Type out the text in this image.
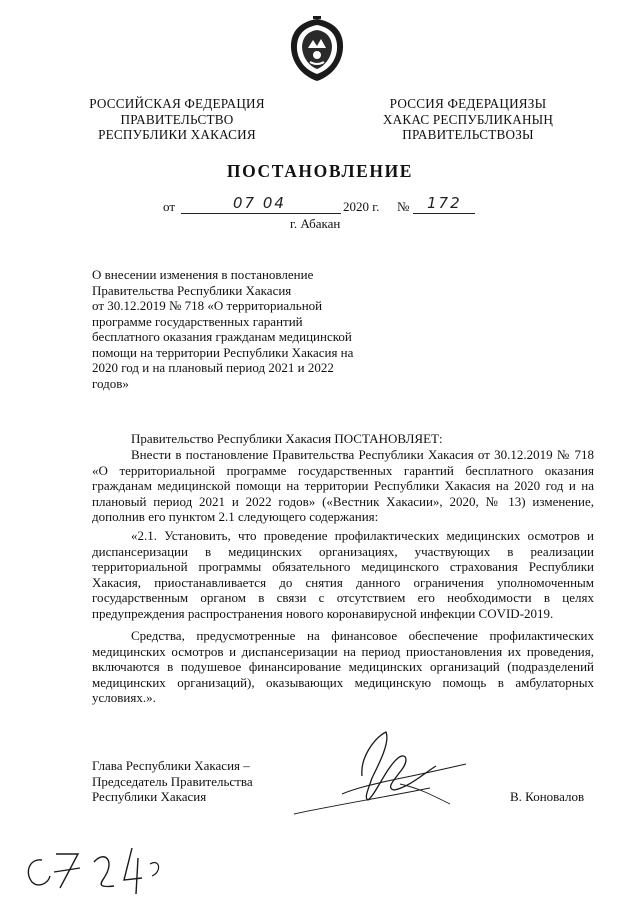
РОССИЙСКАЯ ФЕДЕРАЦИЯ
ПРАВИТЕЛЬСТВО
РЕСПУБЛИКИ ХАКАСИЯ
РОССИЯ ФЕДЕРАЦИЯЗЫ
ХАКАС РЕСПУБЛИКАНЫҢ
ПРАВИТЕЛЬСТВОЗЫ
ПОСТАНОВЛЕНИЕ
от	07 04	2020 г. № 172
г. Абакан
О внесении изменения в постановление
Правительства Республики Хакасия
от 30.12.2019 № 718 «О территориальной
программе государственных гарантий
бесплатного оказания гражданам медицинской
помощи на территории Республики Хакасия на
2020 год и на плановый период 2021 и 2022
годов»
Правительство Республики Хакасия ПОСТАНОВЛЯЕТ:
Внести в постановление Правительства Республики Хакасия от 30.12.2019 № 718 «О территориальной программе государственных гарантий бесплатного оказания гражданам медицинской помощи на территории Республики Хакасия на 2020 год и на плановый период 2021 и 2022 годов» («Вестник Хакасии», 2020, № 13) изменение, дополнив его пунктом 2.1 следующего содержания:
«2.1. Установить, что проведение профилактических медицинских осмотров и диспансеризации в медицинских организациях, участвующих в реализации территориальной программы обязательного медицинского страхования Республики Хакасия, приостанавливается до снятия данного ограничения уполномоченным государственным органом в связи с отсутствием его необходимости в целях предупреждения распространения нового коронавирусной инфекции COVID-2019.
Средства, предусмотренные на финансовое обеспечение профилактических медицинских осмотров и диспансеризации на период приостановления их проведения, включаются в подушевое финансирование медицинских организаций (подразделений медицинских организаций), оказывающих медицинскую помощь в амбулаторных условиях.».
Глава Республики Хакасия –
Председатель Правительства
Республики Хакасия	В. Коновалов
